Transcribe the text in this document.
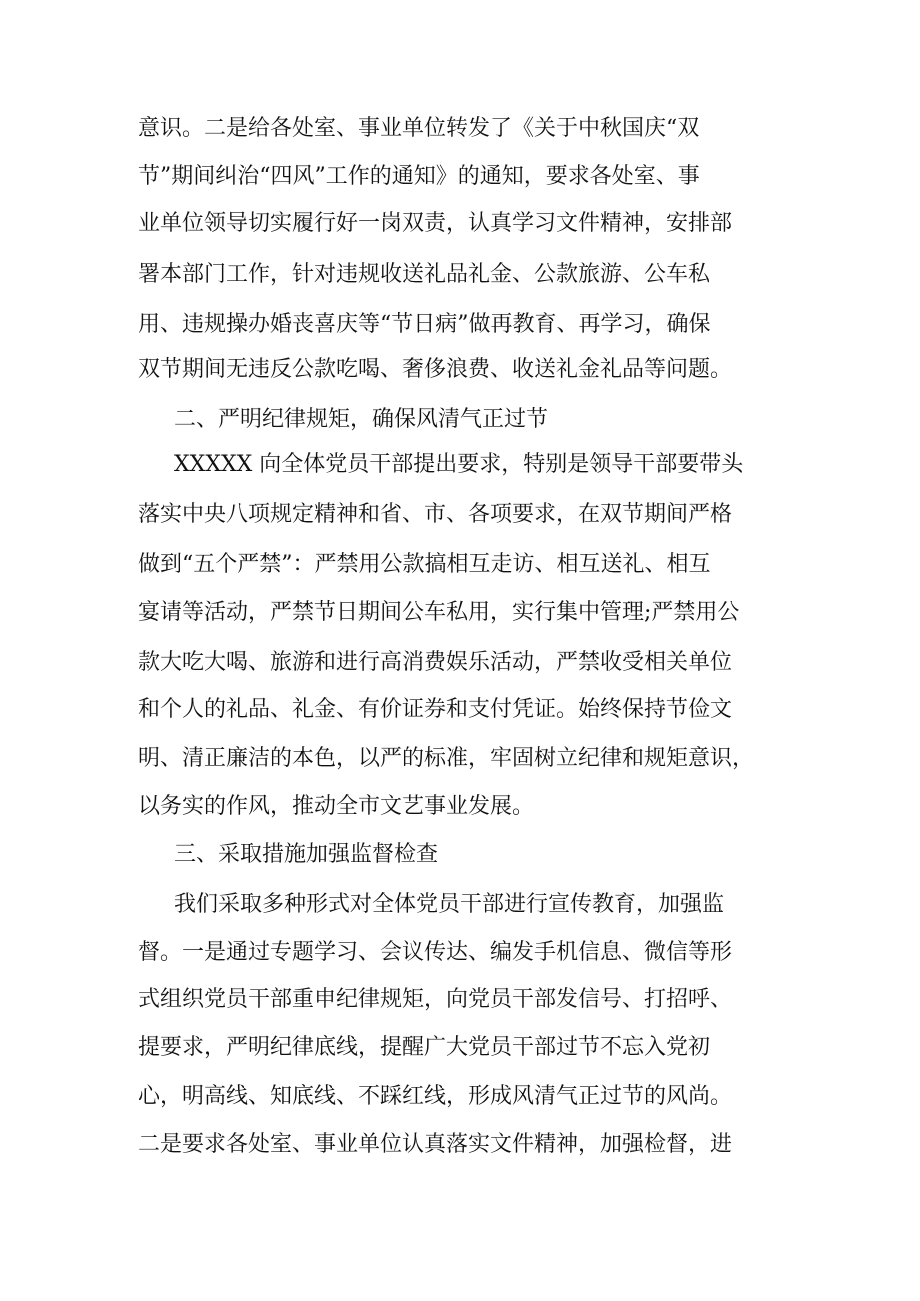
意识。二是给各处室、事业单位转发了《关于中秋国庆“双
节”期间纠治“四风”工作的通知》的通知，要求各处室、事
业单位领导切实履行好一岗双责，认真学习文件精神，安排部
署本部门工作，针对违规收送礼品礼金、公款旅游、公车私
用、违规操办婚丧喜庆等“节日病”做再教育、再学习，确保
双节期间无违反公款吃喝、奢侈浪费、收送礼金礼品等问题。
二、严明纪律规矩，确保风清气正过节
XXXXX 向全体党员干部提出要求，特别是领导干部要带头
落实中央八项规定精神和省、市、各项要求，在双节期间严格
做到“五个严禁”：严禁用公款搞相互走访、相互送礼、相互
宴请等活动，严禁节日期间公车私用，实行集中管理;严禁用公
款大吃大喝、旅游和进行高消费娱乐活动，严禁收受相关单位
和个人的礼品、礼金、有价证券和支付凭证。始终保持节俭文
明、清正廉洁的本色，以严的标准，牢固树立纪律和规矩意识，
以务实的作风，推动全市文艺事业发展。
三、采取措施加强监督检查
我们采取多种形式对全体党员干部进行宣传教育，加强监
督。一是通过专题学习、会议传达、编发手机信息、微信等形
式组织党员干部重申纪律规矩，向党员干部发信号、打招呼、
提要求，严明纪律底线，提醒广大党员干部过节不忘入党初
心，明高线、知底线、不踩红线，形成风清气正过节的风尚。
二是要求各处室、事业单位认真落实文件精神，加强检督，进
